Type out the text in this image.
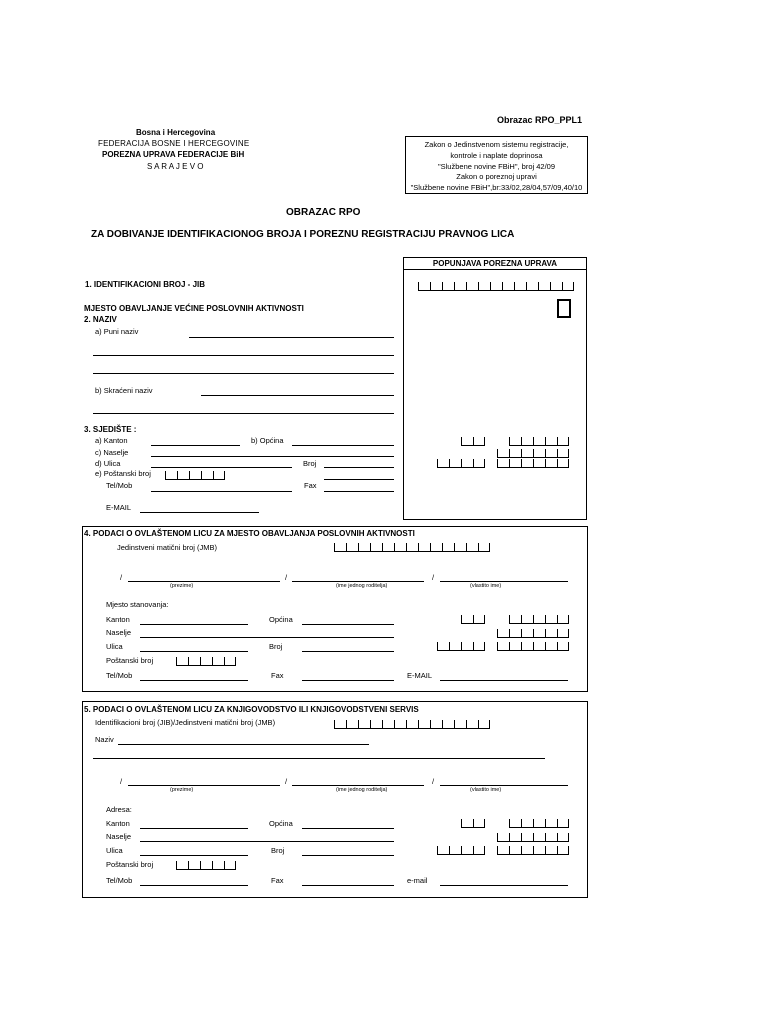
Obrazac RPO_PPL1
Bosna i Hercegovina
FEDERACIJA BOSNE I HERCEGOVINE
POREZNA UPRAVA FEDERACIJE BiH
S A R A J E V O
Zakon o Jedinstvenom sistemu registracije,
kontrole i naplate doprinosa
"Službene novine FBiH", broj 42/09
Zakon o poreznoj upravi
"Službene novine FBiH",br:33/02,28/04,57/09,40/10
OBRAZAC RPO
ZA DOBIVANJE IDENTIFIKACIONOG BROJA I POREZNU REGISTRACIJU PRAVNOG LICA
POPUNJAVA POREZNA UPRAVA
1. IDENTIFIKACIONI BROJ - JIB
MJESTO OBAVLJANJE VEĆINE POSLOVNIH AKTIVNOSTI
2. NAZIV
a) Puni naziv
b) Skraćeni naziv
3. SJEDIŠTE :
a) Kanton	b) Općina
c) Naselje
d) Ulica	Broj
e) Poštanski broj
Tel/Mob	Fax
E-MAIL
4. PODACI O OVLAŠTENOM LICU ZA MJESTO OBAVLJANJA POSLOVNIH AKTIVNOSTI
Jedinstveni matični broj (JMB)
/	/	/
(prezime)	(ime jednog roditelja)	(vlastito ime)
Mjesto stanovanja:
Kanton	Općina
Naselje
Ulica	Broj
Poštanski broj
Tel/Mob	Fax	E-MAIL
5. PODACI O OVLAŠTENOM LICU ZA KNJIGOVODSTVO ILI KNJIGOVODSTVENI SERVIS
Identifikacioni broj (JIB)/Jedinstveni matični broj (JMB)
Naziv
/	/	/
(prezime)	(ime jednog roditelja)	(vlastito ime)
Adresa:
Kanton	Općina
Naselje
Ulica	Broj
Poštanski broj
Tel/Mob	Fax	e-mail
